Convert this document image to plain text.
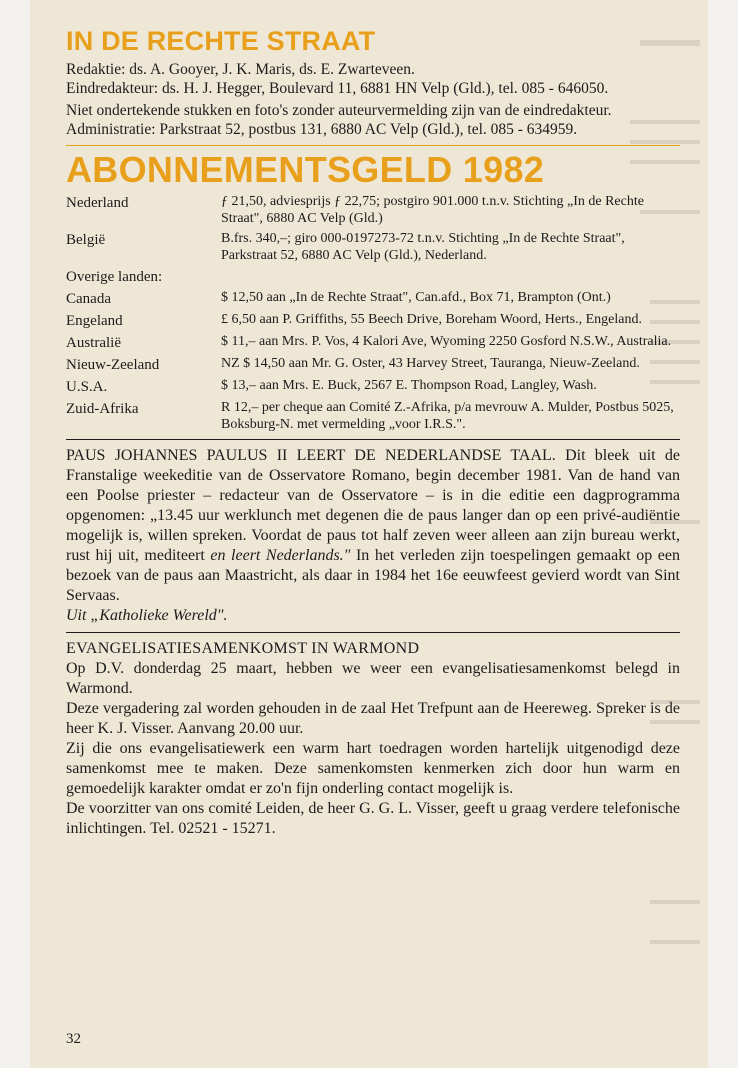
IN DE RECHTE STRAAT

Redaktie: ds. A. Gooyer, J. K. Maris, ds. E. Zwarteveen.

Eindredakteur: ds. H. J. Hegger, Boulevard 11, 6881 HN Velp (Gld.), tel. 085 - 646050.

Niet ondertekende stukken en foto's zonder auteurvermelding zijn van de eindredakteur.

Administratie: Parkstraat 52, postbus 131, 6880 AC Velp (Gld.), tel. 085 - 634959.

ABONNEMENTSGELD 1982
Nederland	ƒ 21,50, adviesprijs ƒ 22,75; postgiro 901.000 t.n.v. Stichting „In de Rechte Straat", 6880 AC Velp (Gld.)
België	B.frs. 340,–; giro 000-0197273-72 t.n.v. Stichting „In de Rechte Straat", Parkstraat 52, 6880 AC Velp (Gld.), Nederland.
Overige landen:
Canada	$ 12,50 aan „In de Rechte Straat", Can.afd., Box 71, Brampton (Ont.)
Engeland	£ 6,50 aan P. Griffiths, 55 Beech Drive, Boreham Woord, Herts., Engeland.
Australië	$ 11,– aan Mrs. P. Vos, 4 Kalori Ave, Wyoming 2250 Gosford N.S.W., Australia.
Nieuw-Zeeland	NZ $ 14,50 aan Mr. G. Oster, 43 Harvey Street, Tauranga, Nieuw-Zeeland.
U.S.A.	$ 13,– aan Mrs. E. Buck, 2567 E. Thompson Road, Langley, Wash.
Zuid-Afrika	R 12,– per cheque aan Comité Z.-Afrika, p/a mevrouw A. Mulder, Postbus 5025, Boksburg-N. met vermelding „voor I.R.S.".

PAUS JOHANNES PAULUS II LEERT DE NEDERLANDSE TAAL. Dit bleek uit de Franstalige weekeditie van de Osservatore Romano, begin december 1981. Van de hand van een Poolse priester – redacteur van de Osservatore – is in die editie een dagprogramma opgenomen: „13.45 uur werklunch met degenen die de paus langer dan op een privé-audiëntie mogelijk is, willen spreken. Voordat de paus tot half zeven weer alleen aan zijn bureau werkt, rust hij uit, mediteert en leert Nederlands." In het verleden zijn toespelingen gemaakt op een bezoek van de paus aan Maastricht, als daar in 1984 het 16e eeuwfeest gevierd wordt van Sint Servaas.

Uit „Katholieke Wereld".

EVANGELISATIESAMENKOMST IN WARMOND

Op D.V. donderdag 25 maart, hebben we weer een evangelisatiesamenkomst belegd in Warmond.

Deze vergadering zal worden gehouden in de zaal Het Trefpunt aan de Heereweg. Spreker is de heer K. J. Visser. Aanvang 20.00 uur.

Zij die ons evangelisatiewerk een warm hart toedragen worden hartelijk uitgenodigd deze samenkomst mee te maken. Deze samenkomsten kenmerken zich door hun warm en gemoedelijk karakter omdat er zo'n fijn onderling contact mogelijk is.

De voorzitter van ons comité Leiden, de heer G. G. L. Visser, geeft u graag verdere telefonische inlichtingen. Tel. 02521 - 15271.

32
